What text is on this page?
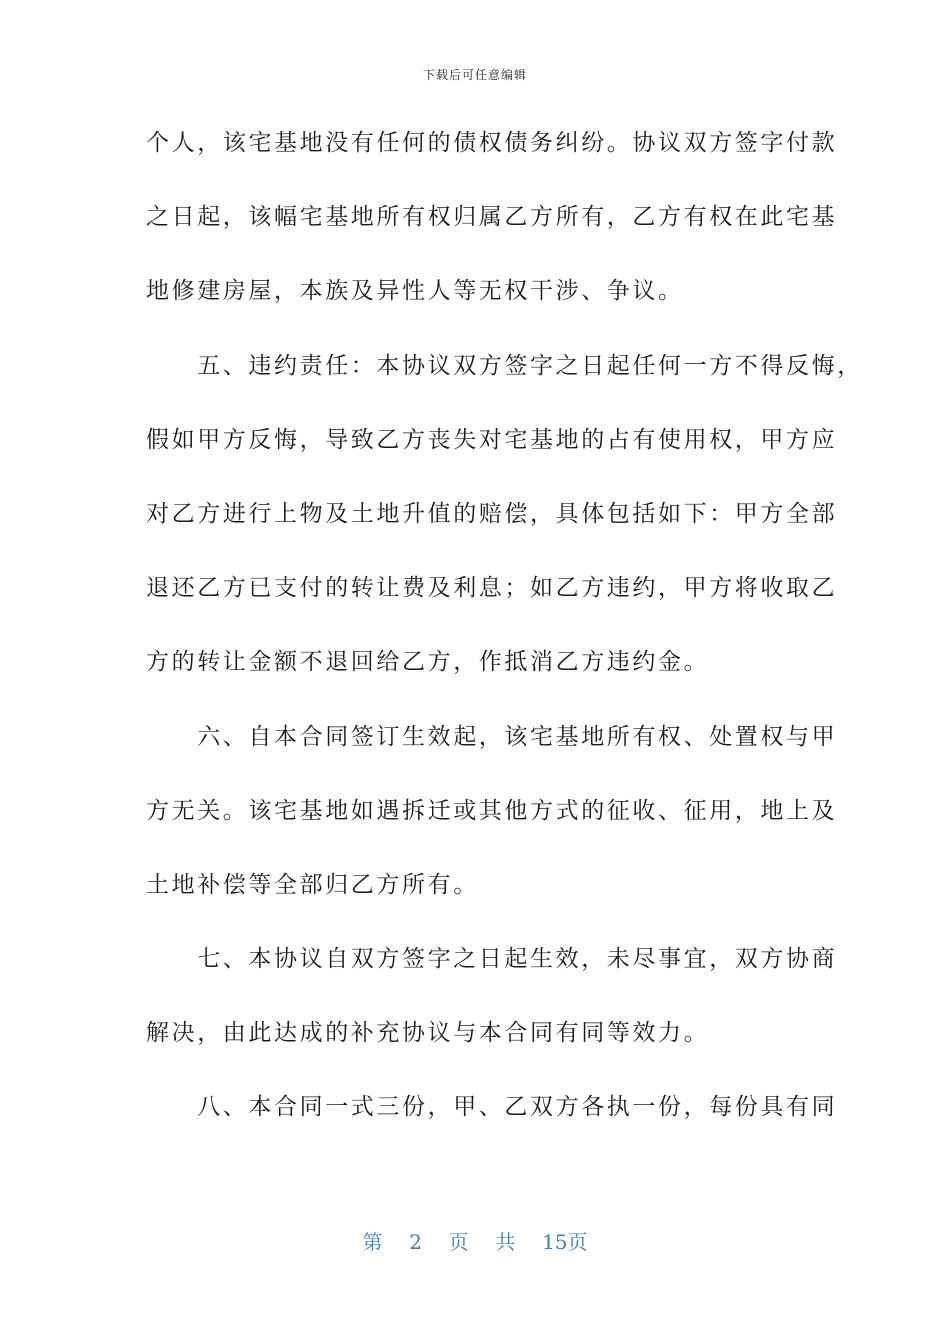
下载后可任意编辑
个人，该宅基地没有任何的债权债务纠纷。协议双方签字付款
之日起，该幅宅基地所有权归属乙方所有，乙方有权在此宅基
地修建房屋，本族及异性人等无权干涉、争议。
　　五、违约责任：本协议双方签字之日起任何一方不得反悔，
假如甲方反悔，导致乙方丧失对宅基地的占有使用权，甲方应
对乙方进行上物及土地升值的赔偿，具体包括如下：甲方全部
退还乙方已支付的转让费及利息；如乙方违约，甲方将收取乙
方的转让金额不退回给乙方，作抵消乙方违约金。
　　六、自本合同签订生效起，该宅基地所有权、处置权与甲
方无关。该宅基地如遇拆迁或其他方式的征收、征用，地上及
土地补偿等全部归乙方所有。
　　七、本协议自双方签字之日起生效，未尽事宜，双方协商
解决，由此达成的补充协议与本合同有同等效力。
　　八、本合同一式三份，甲、乙双方各执一份，每份具有同
第 2 页 共 15页
